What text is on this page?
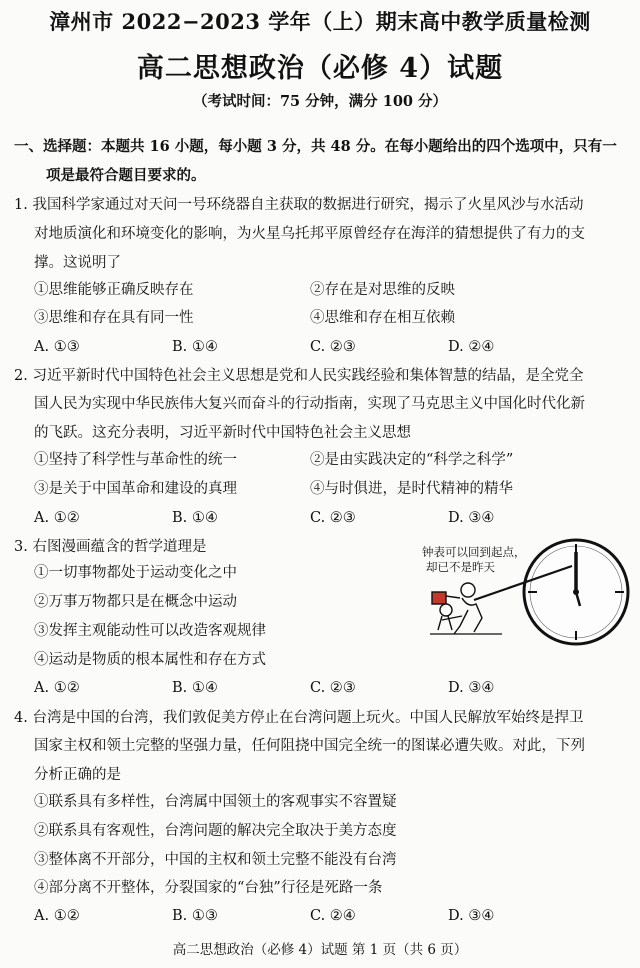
漳州市 2022−2023 学年（上）期末高中教学质量检测
高二思想政治（必修 4）试题
（考试时间：75 分钟，满分 100 分）
一、选择题：本题共 16 小题，每小题 3 分，共 48 分。在每小题给出的四个选项中，只有一
项是最符合题目要求的。
1. 我国科学家通过对天问一号环绕器自主获取的数据进行研究，揭示了火星风沙与水活动
对地质演化和环境变化的影响，为火星乌托邦平原曾经存在海洋的猜想提供了有力的支
撑。这说明了
①思维能够正确反映存在	②存在是对思维的反映
③思维和存在具有同一性	④思维和存在相互依赖
A. ①③	B. ①④	C. ②③	D. ②④
2. 习近平新时代中国特色社会主义思想是党和人民实践经验和集体智慧的结晶，是全党全
国人民为实现中华民族伟大复兴而奋斗的行动指南，实现了马克思主义中国化时代化新
的飞跃。这充分表明，习近平新时代中国特色社会主义思想
①坚持了科学性与革命性的统一	②是由实践决定的“科学之科学”
③是关于中国革命和建设的真理	④与时俱进，是时代精神的精华
A. ①②	B. ①④	C. ②③	D. ③④
3. 右图漫画蕴含的哲学道理是
①一切事物都处于运动变化之中
②万事万物都只是在概念中运动
③发挥主观能动性可以改造客观规律
④运动是物质的根本属性和存在方式
A. ①②	B. ①④	C. ②③	D. ③④
钟表可以回到起点，
却已不是昨天
4. 台湾是中国的台湾，我们敦促美方停止在台湾问题上玩火。中国人民解放军始终是捍卫
国家主权和领土完整的坚强力量，任何阻挠中国完全统一的图谋必遭失败。对此，下列
分析正确的是
①联系具有多样性，台湾属中国领土的客观事实不容置疑
②联系具有客观性，台湾问题的解决完全取决于美方态度
③整体离不开部分，中国的主权和领土完整不能没有台湾
④部分离不开整体，分裂国家的“台独”行径是死路一条
A. ①②	B. ①③	C. ②④	D. ③④
高二思想政治（必修 4）试题 第 1 页（共 6 页）
